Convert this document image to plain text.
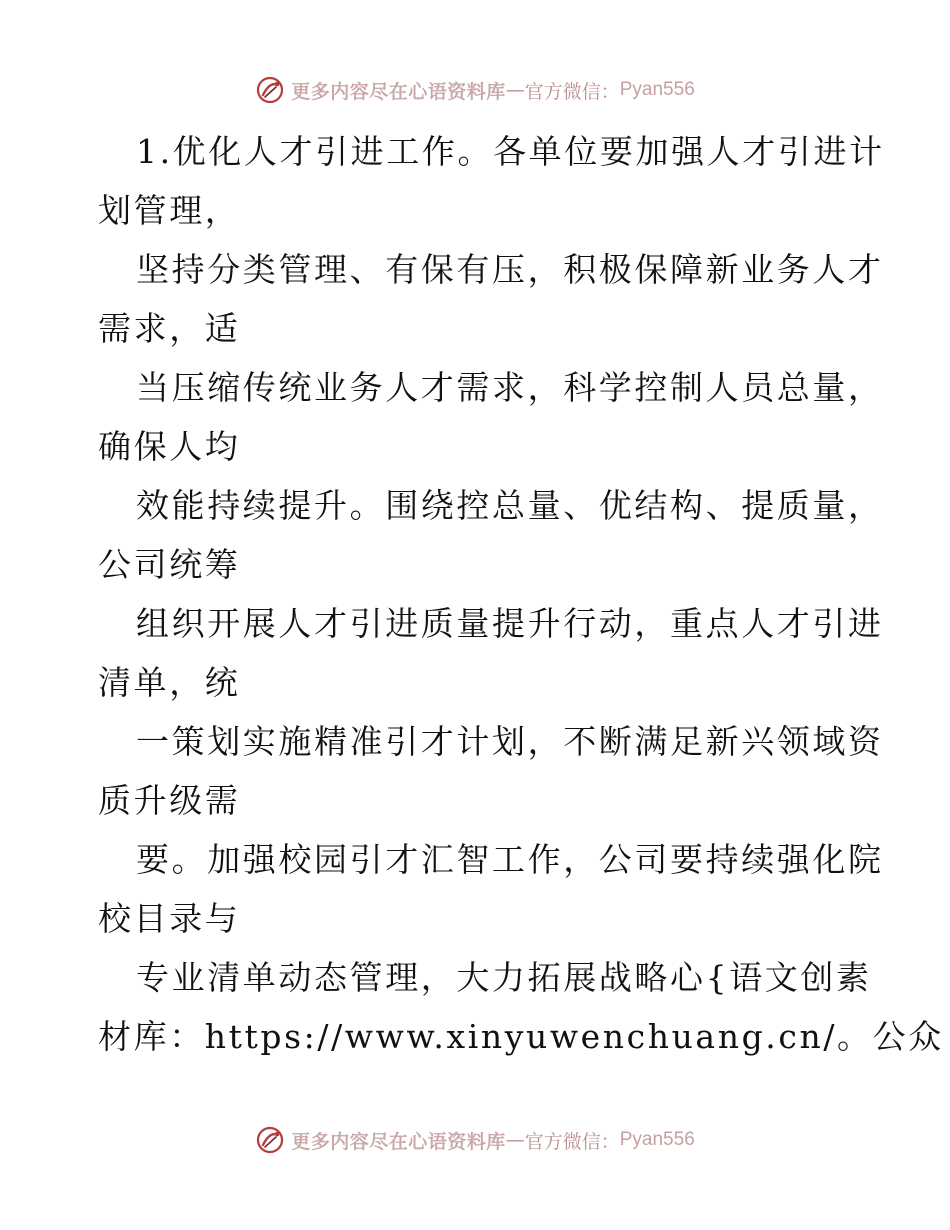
更多内容尽在心语资料库 — 官方微信： Pyan556
1.优化人才引进工作。各单位要加强人才引进计
划管理，
坚持分类管理、有保有压，积极保障新业务人才
需求，适
当压缩传统业务人才需求，科学控制人员总量，
确保人均
效能持续提升。围绕控总量、优结构、提质量，
公司统筹
组织开展人才引进质量提升行动，重点人才引进
清单，统
一策划实施精准引才计划，不断满足新兴领域资
质升级需
要。加强校园引才汇智工作，公司要持续强化院
校目录与
专业清单动态管理，大力拓展战略心{语文创素
材库：https://www.xinyuwenchuang.cn/。公众
更多内容尽在心语资料库 — 官方微信： Pyan556
